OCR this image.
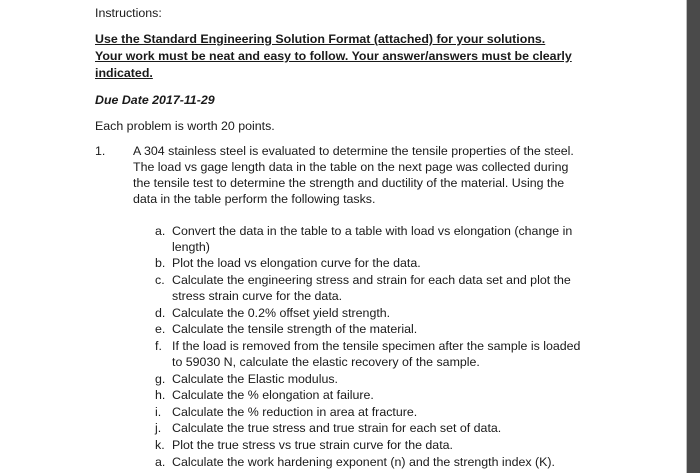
Instructions:
Use the Standard Engineering Solution Format (attached) for your solutions.
Your work must be neat and easy to follow. Your answer/answers must be clearly
indicated.
Due Date 2017-11-29
Each problem is worth 20 points.
1. A 304 stainless steel is evaluated to determine the tensile properties of the steel.
The load vs gage length data in the table on the next page was collected during
the tensile test to determine the strength and ductility of the material. Using the
data in the table perform the following tasks.
a. Convert the data in the table to a table with load vs elongation (change in
length)
b. Plot the load vs elongation curve for the data.
c. Calculate the engineering stress and strain for each data set and plot the
stress strain curve for the data.
d. Calculate the 0.2% offset yield strength.
e. Calculate the tensile strength of the material.
f. If the load is removed from the tensile specimen after the sample is loaded
to 59030 N, calculate the elastic recovery of the sample.
g. Calculate the Elastic modulus.
h. Calculate the % elongation at failure.
i. Calculate the % reduction in area at fracture.
j. Calculate the true stress and true strain for each set of data.
k. Plot the true stress vs true strain curve for the data.
a. Calculate the work hardening exponent (n) and the strength index (K).
